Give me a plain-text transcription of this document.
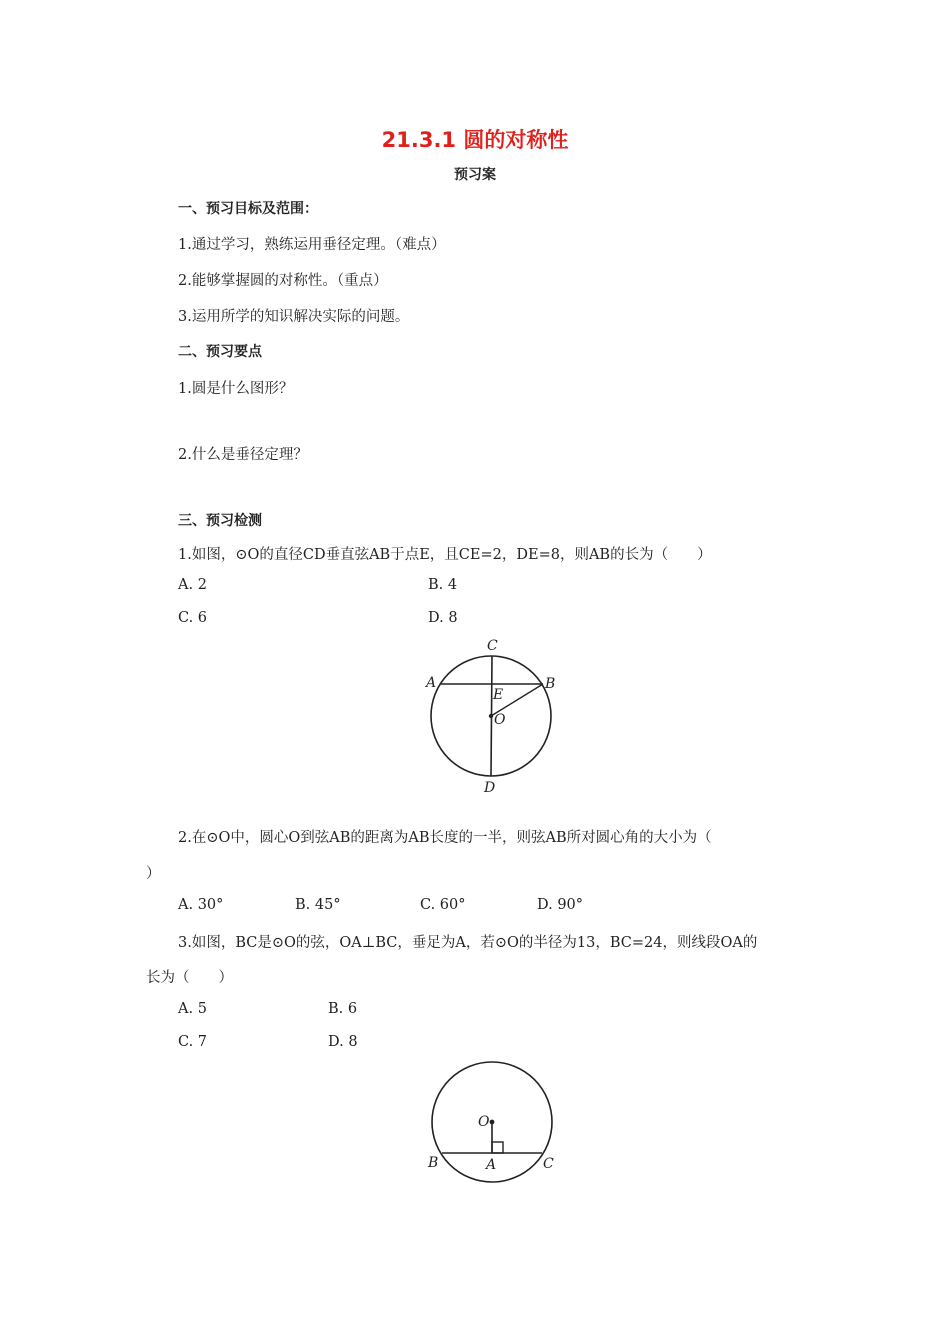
21.3.1 圆的对称性
预习案
一、预习目标及范围：
1.通过学习，熟练运用垂径定理。（难点）
2.能够掌握圆的对称性。（重点）
3.运用所学的知识解决实际的问题。
二、预习要点
1.圆是什么图形？
2.什么是垂径定理？
三、预习检测
1.如图，⊙O的直径CD垂直弦AB于点E，且CE=2，DE=8，则AB的长为（　　）
A. 2	B. 4
C. 6	D. 8
C
A
E
B
O
D
2.在⊙O中，圆心O到弦AB的距离为AB长度的一半，则弦AB所对圆心角的大小为（
）
A. 30°	B. 45°	C. 60°	D. 90°
3.如图，BC是⊙O的弦，OA⊥BC，垂足为A，若⊙O的半径为13，BC=24，则线段OA的
长为（　　）
A. 5	B. 6
C. 7	D. 8
O
B	A	C
